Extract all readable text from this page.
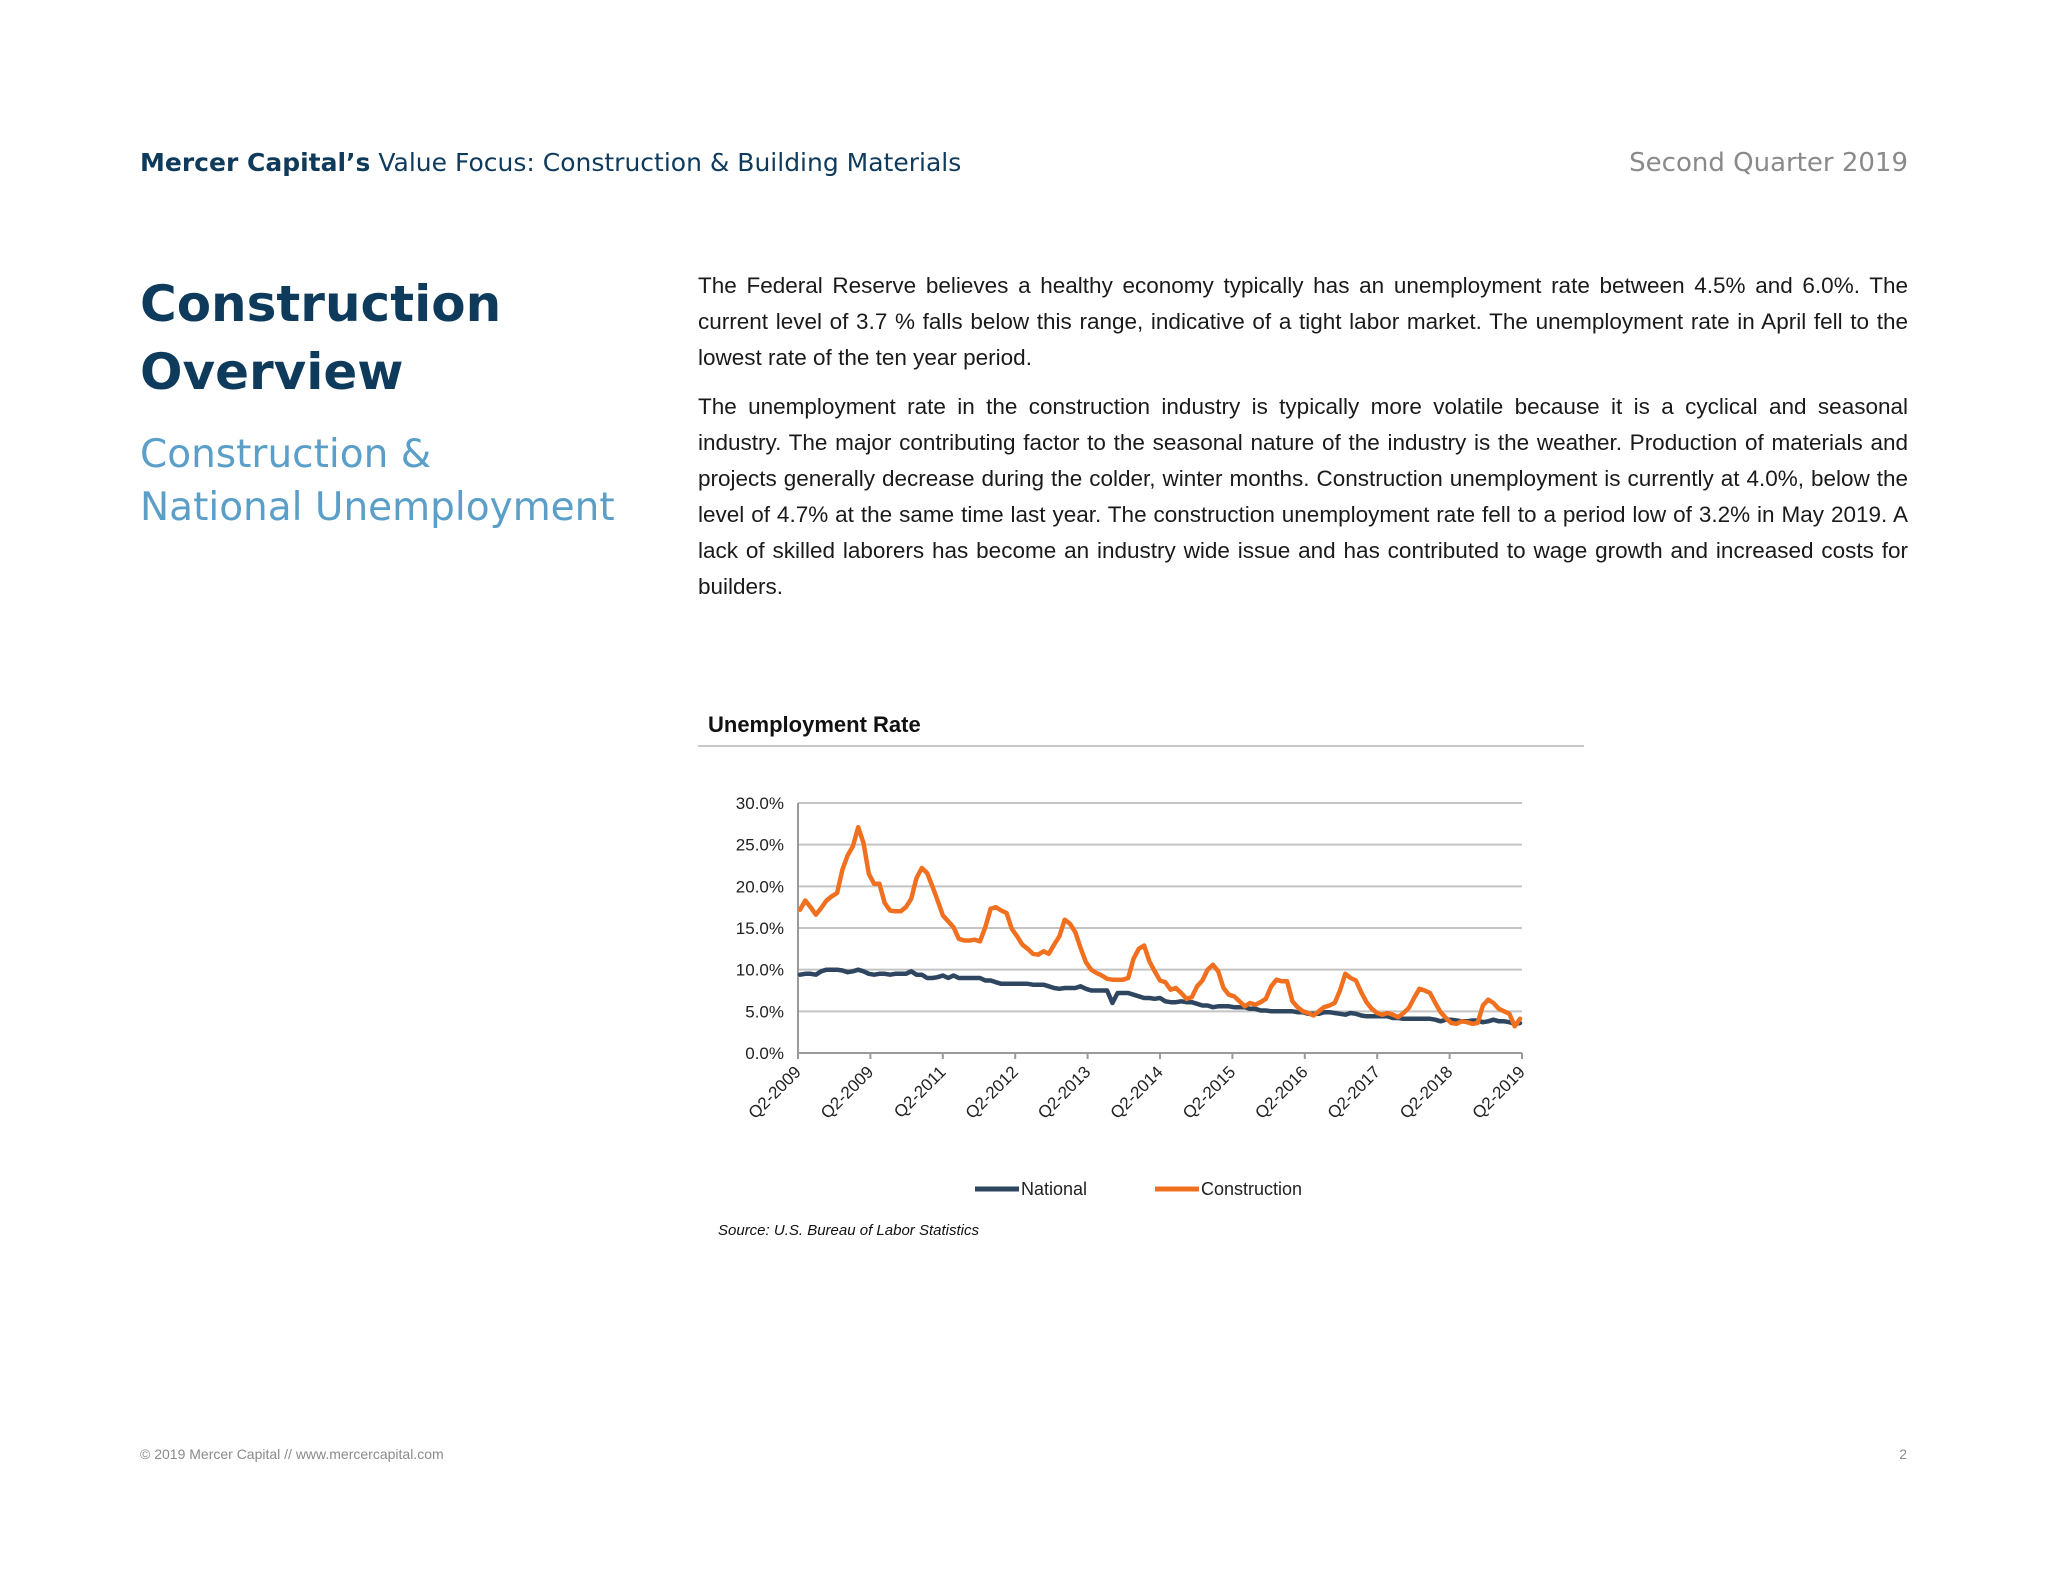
Mercer Capital’s Value Focus: Construction & Building Materials	Second Quarter 2019
Construction
Overview
Construction &
National Unemployment

The Federal Reserve believes a healthy economy typically has an unemployment rate between 4.5% and 6.0%. The current level of 3.7 % falls below this range, indicative of a tight labor market. The unemployment rate in April fell to the lowest rate of the ten year period.

The unemployment rate in the construction industry is typically more volatile because it is a cyclical and seasonal industry. The major contributing factor to the seasonal nature of the industry is the weather. Production of materials and projects generally decrease during the colder, winter months. Construction unemployment is currently at 4.0%, below the level of 4.7% at the same time last year. The construction unemployment rate fell to a period low of 3.2% in May 2019. A lack of skilled laborers has become an industry wide issue and has contributed to wage growth and increased costs for builders.

Unemployment Rate
0.0%
5.0%
10.0%
15.0%
20.0%
25.0%
30.0%
Q2-2009 Q2-2009 Q2-2011 Q2-2012 Q2-2013 Q2-2014 Q2-2015 Q2-2016 Q2-2017 Q2-2018 Q2-2019
National	Construction
Source: U.S. Bureau of Labor Statistics
© 2019 Mercer Capital // www.mercercapital.com	2
